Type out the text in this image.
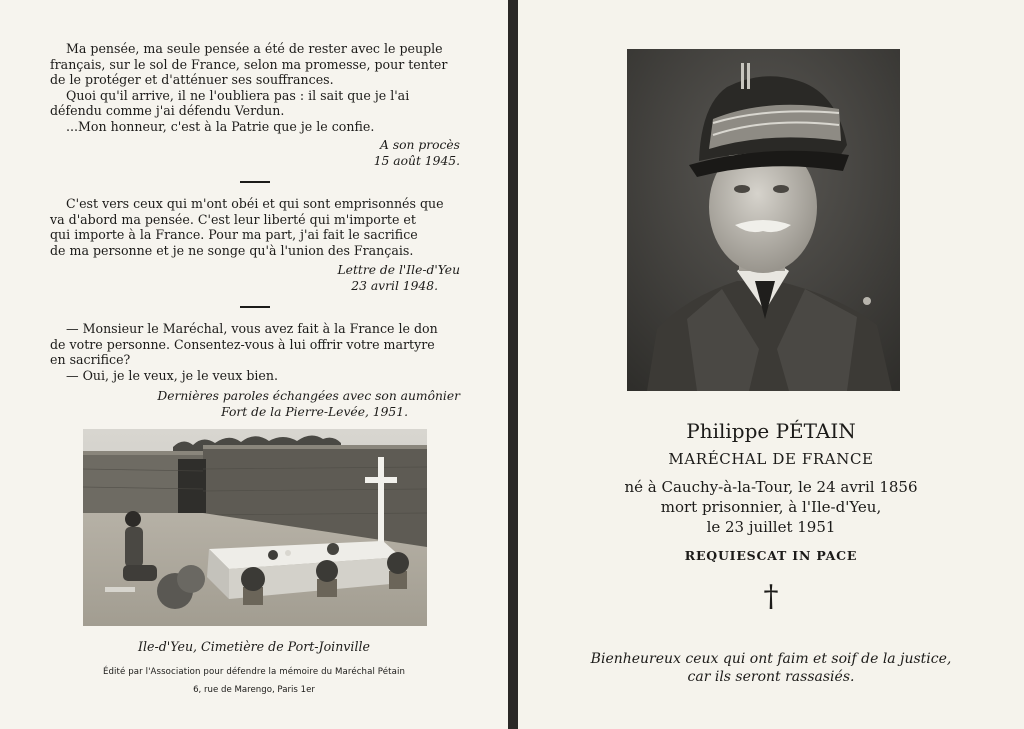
Ma pensée, ma seule pensée a été de rester avec le peuple
français, sur le sol de France, selon ma promesse, pour tenter
de le protéger et d'atténuer ses souffrances.
Quoi qu'il arrive, il ne l'oubliera pas : il sait que je l'ai
défendu comme j'ai défendu Verdun.
...Mon honneur, c'est à la Patrie que je le confie.
A son procès
15 août 1945.
C'est vers ceux qui m'ont obéi et qui sont emprisonnés que
va d'abord ma pensée. C'est leur liberté qui m'importe et
qui importe à la France. Pour ma part, j'ai fait le sacrifice
de ma personne et je ne songe qu'à l'union des Français.
Lettre de l'Ile-d'Yeu
23 avril 1948.
— Monsieur le Maréchal, vous avez fait à la France le don
de votre personne. Consentez-vous à lui offrir votre martyre
en sacrifice?
— Oui, je le veux, je le veux bien.
Dernières paroles échangées avec son aumônier
Fort de la Pierre-Levée, 1951.
Ile-d'Yeu, Cimetière de Port-Joinville
Édité par l'Association pour défendre la mémoire du Maréchal Pétain
6, rue de Marengo, Paris 1er
Philippe PÉTAIN
MARÉCHAL DE FRANCE
né à Cauchy-à-la-Tour, le 24 avril 1856
mort prisonnier, à l'Ile-d'Yeu,
le 23 juillet 1951
REQUIESCAT IN PACE
†
Bienheureux ceux qui ont faim et soif de la justice,
car ils seront rassasiés.
